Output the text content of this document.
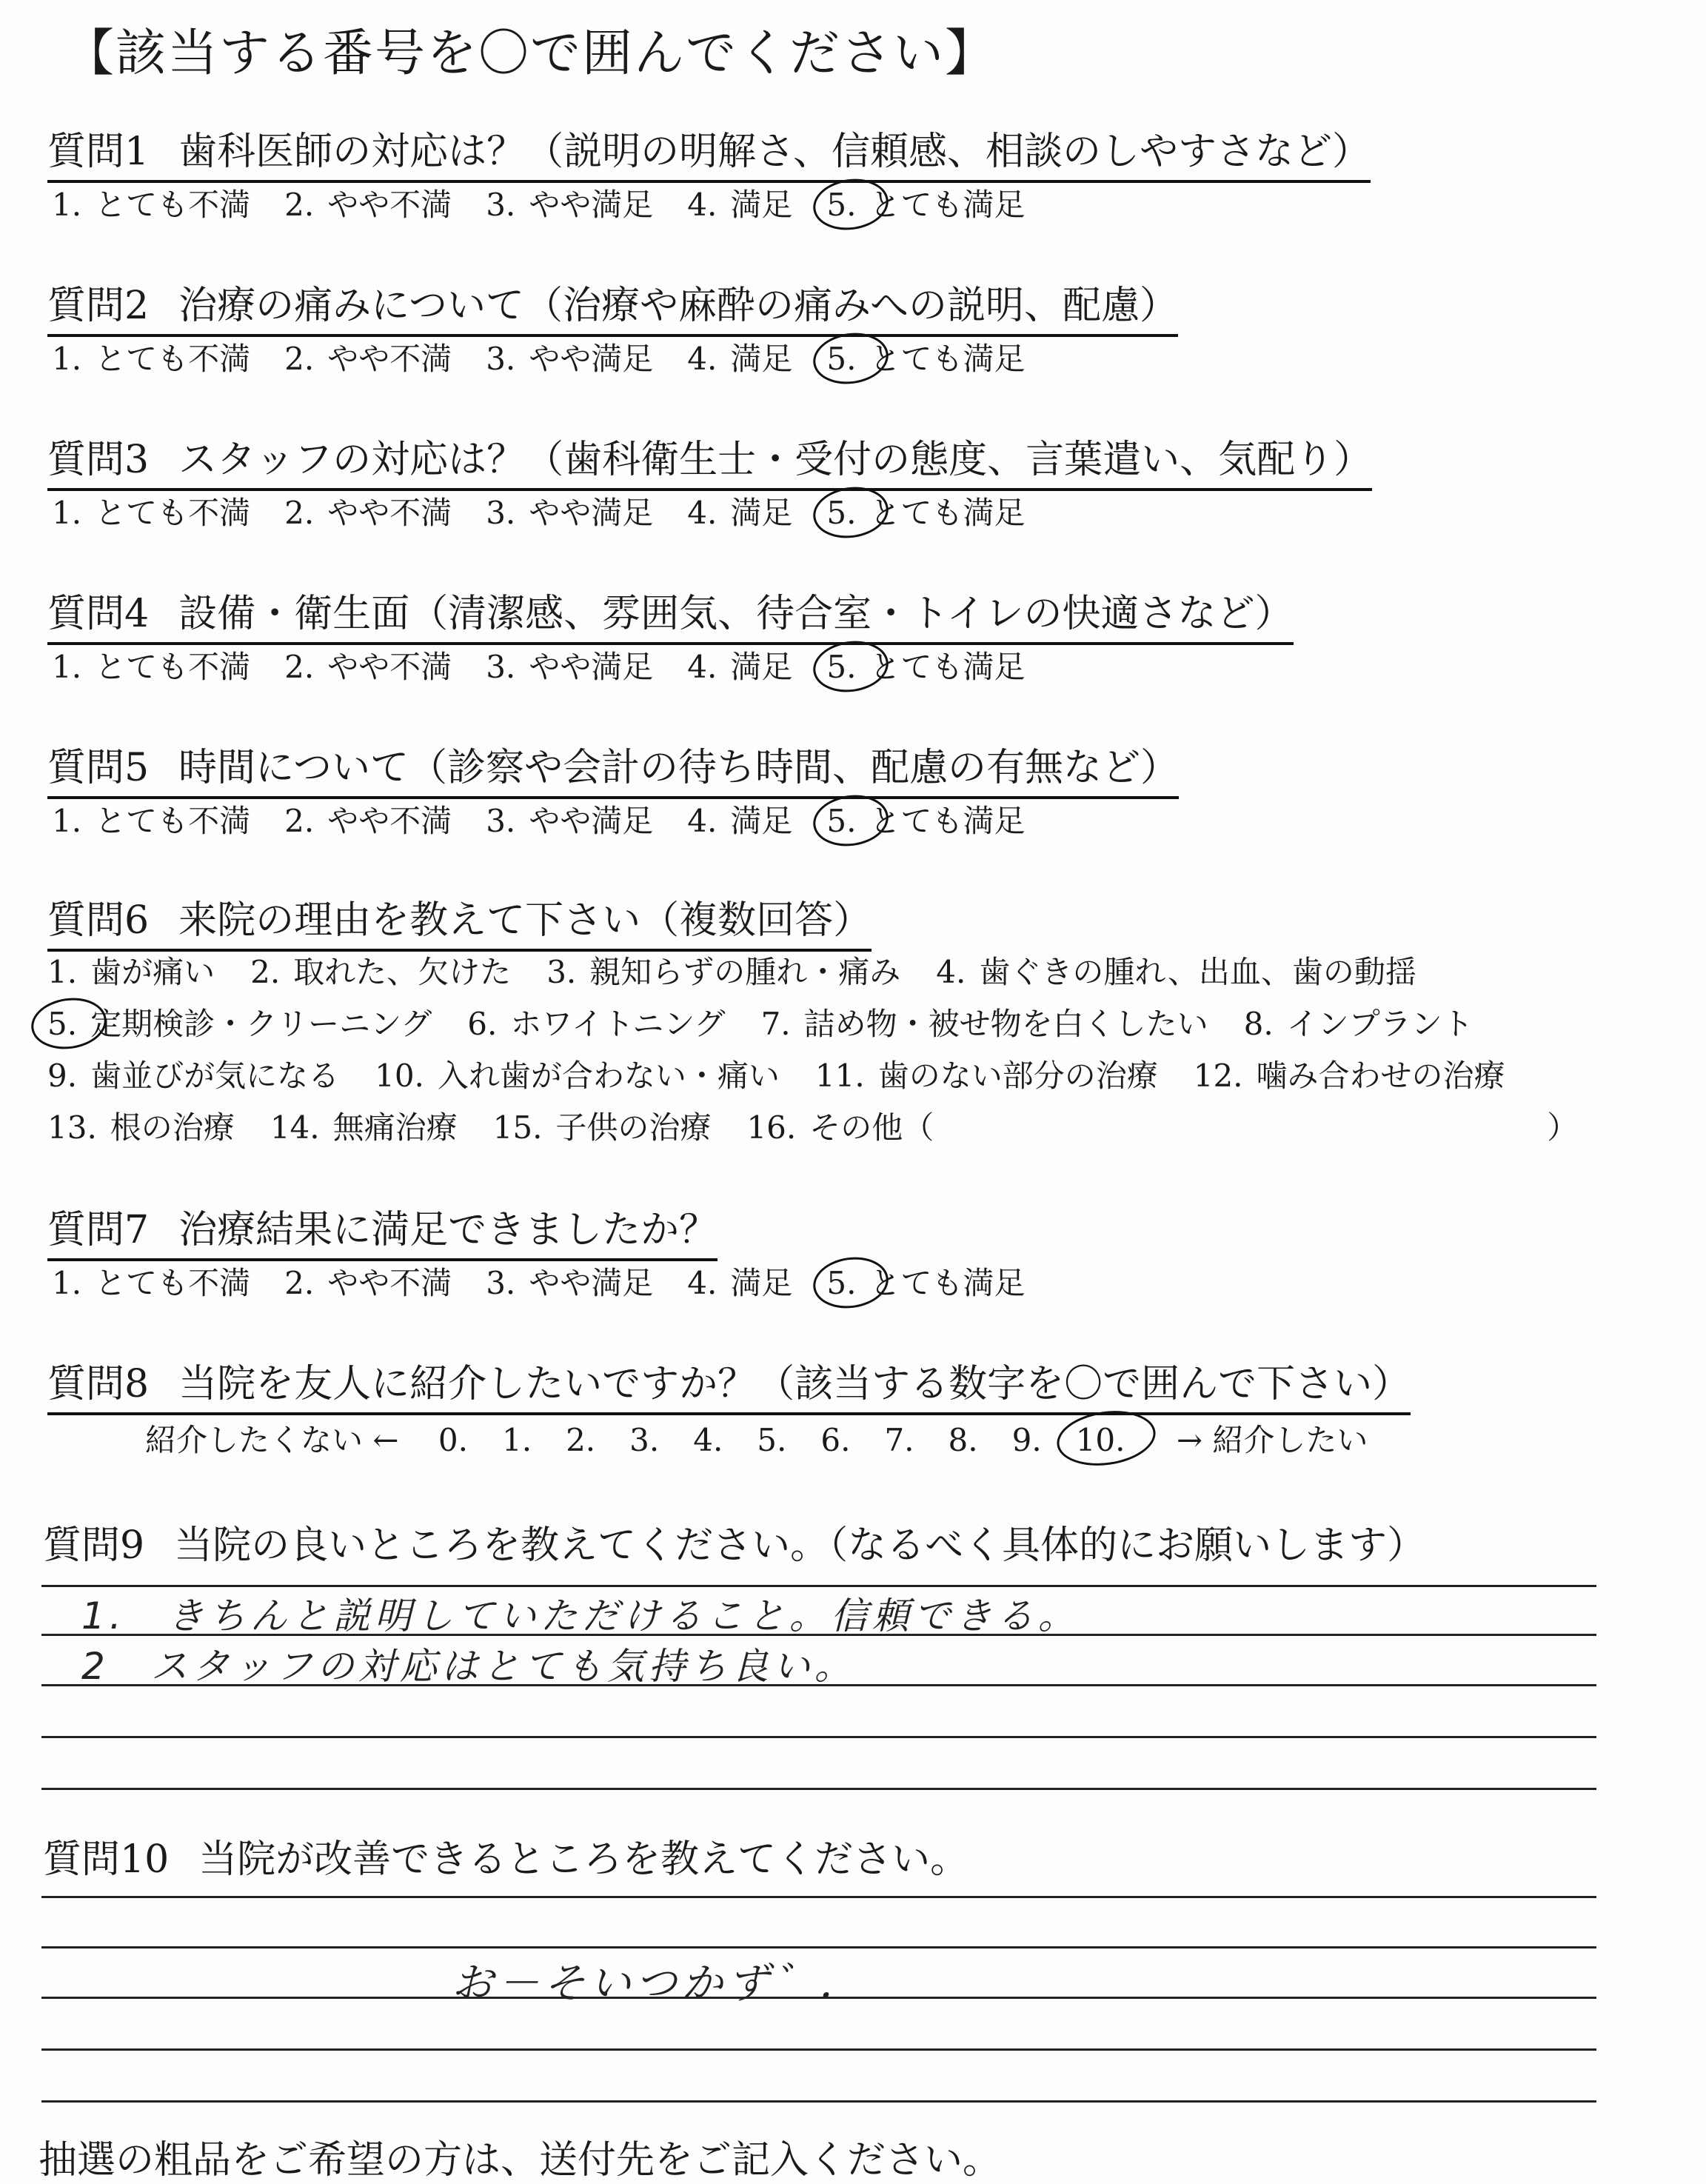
【該当する番号を〇で囲んでください】
質問1 歯科医師の対応は？（説明の明解さ、信頼感、相談のしやすさなど）
1. とても不満 2. やや不満 3. やや満足 4. 満足 5. とても満足
質問2 治療の痛みについて（治療や麻酔の痛みへの説明、配慮）
1. とても不満 2. やや不満 3. やや満足 4. 満足 5. とても満足
質問3 スタッフの対応は？（歯科衛生士・受付の態度、言葉遣い、気配り）
1. とても不満 2. やや不満 3. やや満足 4. 満足 5. とても満足
質問4 設備・衛生面（清潔感、雰囲気、待合室・トイレの快適さなど）
1. とても不満 2. やや不満 3. やや満足 4. 満足 5. とても満足
質問5 時間について（診察や会計の待ち時間、配慮の有無など）
1. とても不満 2. やや不満 3. やや満足 4. 満足 5. とても満足
質問6 来院の理由を教えて下さい（複数回答）
1. 歯が痛い 2. 取れた、欠けた 3. 親知らずの腫れ・痛み 4. 歯ぐきの腫れ、出血、歯の動揺
5. 定期検診・クリーニング 6. ホワイトニング 7. 詰め物・被せ物を白くしたい 8. インプラント
9. 歯並びが気になる 10. 入れ歯が合わない・痛い 11. 歯のない部分の治療 12. 噛み合わせの治療
13. 根の治療 14. 無痛治療 15. 子供の治療 16. その他（	）
質問7 治療結果に満足できましたか？
1. とても不満 2. やや不満 3. やや満足 4. 満足 5. とても満足
質問8 当院を友人に紹介したいですか？（該当する数字を〇で囲んで下さい）
紹介したくない ← 0. 1. 2. 3. 4. 5. 6. 7. 8. 9. 10. → 紹介したい
質問9 当院の良いところを教えてください。（なるべく具体的にお願いします）
1.　きちんと説明していただけること。信頼できる。
2　スタッフの対応はとても気持ち良い。
質問10 当院が改善できるところを教えてください。
お－そいつかず゛．
抽選の粗品をご希望の方は、送付先をご記入ください。
